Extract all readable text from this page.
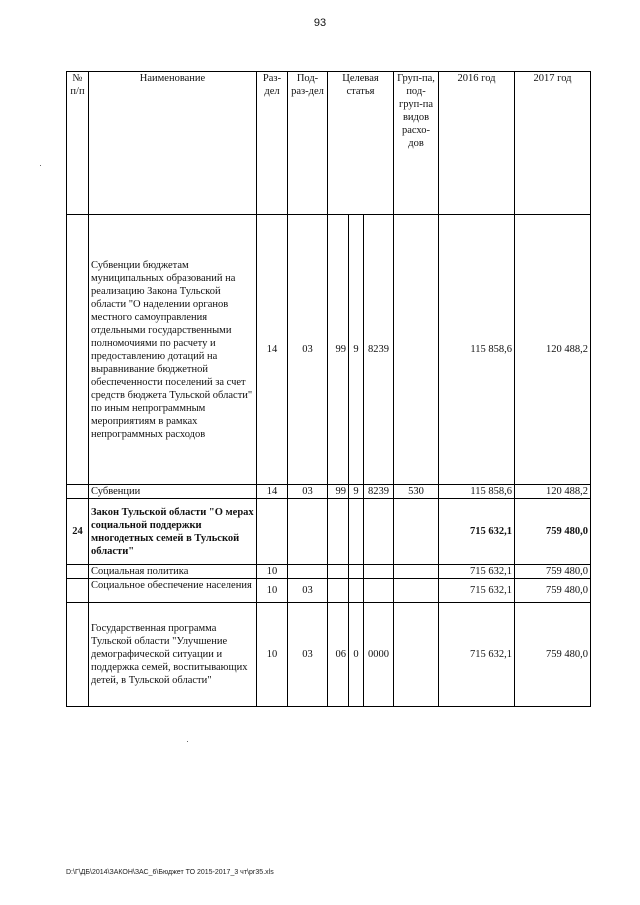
93
№ п/п	Наименование	Раз-дел	Под-раз-дел	Целевая статья			Груп-па, под-груп-па видов расхо-дов	2016 год	2017 год
	Субвенции бюджетам муниципальных образований на реализацию Закона Тульской области "О наделении органов местного самоуправления отдельными государственными полномочиями по расчету и предоставлению дотаций на выравнивание бюджетной обеспеченности поселений за счет средств бюджета Тульской области" по иным непрограммным мероприятиям в рамках непрограммных расходов	14	03	99	9	8239		115 858,6	120 488,2
	Субвенции	14	03	99	9	8239	530	115 858,6	120 488,2
24	Закон Тульской области "О мерах социальной поддержки многодетных семей в Тульской области"							715 632,1	759 480,0
	Социальная политика	10						715 632,1	759 480,0
	Социальное обеспечение населения	10	03					715 632,1	759 480,0
	Государственная программа Тульской области "Улучшение демографической ситуации и поддержка семей, воспитывающих детей, в Тульской области"	10	03	06	0	0000		715 632,1	759 480,0
D:\Г\ДБ\2014\ЗАКОН\ЗАС_6\Бюджет ТО 2015-2017_3 чт\рг35.xls
